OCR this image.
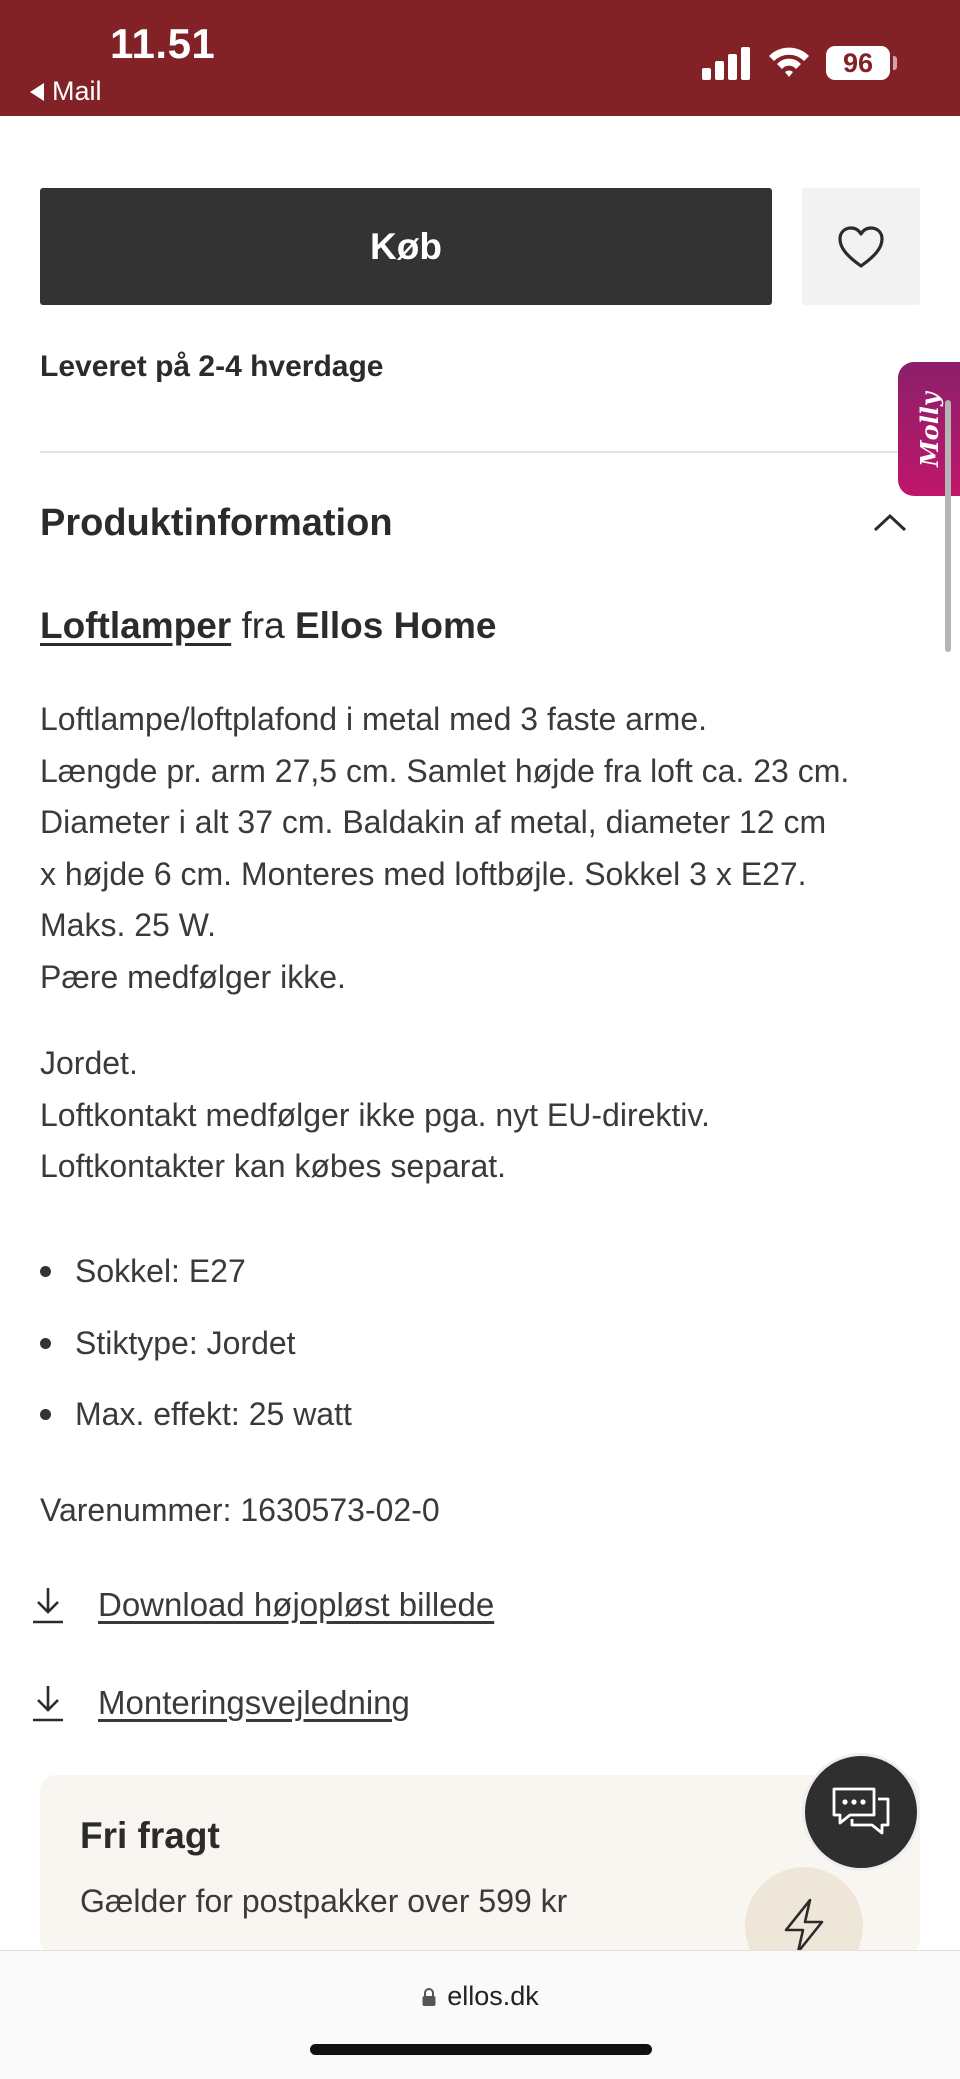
11.51
Mail
96
Køb
Leveret på 2-4 hverdage
Molly
Produktinformation
Loftlamper fra Ellos Home
Loftlampe/loftplafond i metal med 3 faste arme.
Længde pr. arm 27,5 cm. Samlet højde fra loft ca. 23 cm.
Diameter i alt 37 cm. Baldakin af metal, diameter 12 cm
x højde 6 cm. Monteres med loftbøjle. Sokkel 3 x E27.
Maks. 25 W.
Pære medfølger ikke.
Jordet.
Loftkontakt medfølger ikke pga. nyt EU-direktiv.
Loftkontakter kan købes separat.
Sokkel: E27
Stiktype: Jordet
Max. effekt: 25 watt
Varenummer: 1630573-02-0
Download højopløst billede
Monteringsvejledning
Fri fragt
Gælder for postpakker over 599 kr
ellos.dk
